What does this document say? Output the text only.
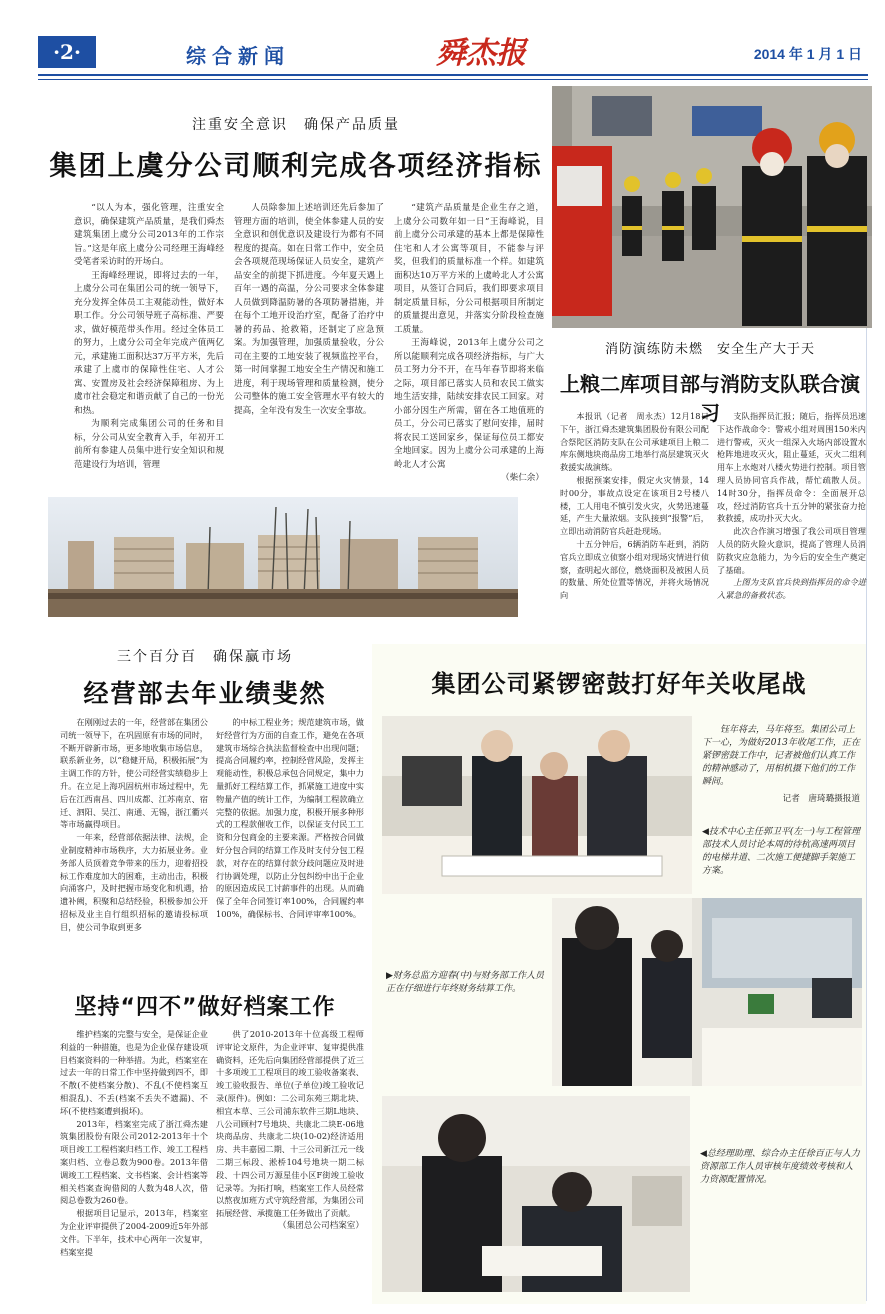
·2·	综合新闻	舜杰报	2014 年 1 月 1 日
注重安全意识　确保产品质量
集团上虞分公司顺利完成各项经济指标

“以人为本，强化管理，注重安全意识，确保建筑产品质量，是我们舜杰建筑集团上虞分公司2013年的工作宗旨。”这是年底上虞分公司经理王海峰经受笔者采访时的开场白。

王海峰经理说，即将过去的一年，上虞分公司在集团公司的统一领导下，充分发挥全体员工主观能动性，做好本职工作。分公司领导班子高标准、严要求，做好模范带头作用。经过全体员工的努力，上虞分公司全年完成产值两亿元，承建施工面积达37万平方米，先后承建了上虞市的保障性住宅、人才公寓、安置房及社会经济保障租房、为上虞市社会稳定和谐贡献了自己的一份光和热。

为顺利完成集团公司的任务和目标，分公司从安全教育入手，年初开工前所有参建人员集中进行安全知识和规范建设行为培训，管理

人员除参加上述培训还先后参加了管理方面的培训，使全体参建人员的安全意识和创优意识及建设行为都有不同程度的提高。如在日常工作中，安全员会各项规范现场保证人员安全，建筑产品安全的前提下抓进度。今年夏天遇上百年一遇的高温，分公司要求全体参建人员做到降温防暑的各项防暑措施，并在每个工地开设治疗室，配备了治疗中暑的药品、抢救箱，还制定了应急预案。为加强管理，加强质量验收，分公司在主要的工地安装了视频监控平台，第一时间掌握工地安全生产情况和施工进度，利于现场管理和质量检测，使分公司整体的施工安全管理水平有较大的提高，全年没有发生一次安全事故。

“建筑产品质量是企业生存之道，上虞分公司数年如一日”王海峰说，目前上虞分公司承建的基本上都是保障性住宅和人才公寓等项目，不能参与评奖，但我们的质量标准一个样。如建筑面积达10万平方米的上虞岭北人才公寓项目，从签订合同后，我们即要求项目制定质量目标，分公司根据项目所制定的质量提出意见，并落实分阶段检查施工质量。

王海峰说，2013年上虞分公司之所以能顺利完成各项经济指标，与广大员工努力分不开，在马年春节即将来临之际，项目部已落实人员和农民工做实地生活安排，陆续安排农民工回家。对小部分因生产所需，留在各工地值班的员工，分公司已落实了慰问安排，届时将农民工送回家乡，保证每位员工都安全地回家。因为上虞分公司承建的上海岭北人才公寓

（柴仁余）

消防演练防未燃　安全生产大于天
上粮二库项目部与消防支队联合演习

本报讯（记者　周永杰）12月18日下午，浙江舜杰建筑集团股份有限公司配合祭陀区消防支队在公司承建项目上粮二库东侧地块商品房工地举行高层建筑灭火救援实战演练。

根据预案安排，假定火灾情景，14时00分，事故点设定在该项目2号楼八楼，工人用电不慎引发火灾，火势迅速蔓延，产生大量浓烟。支队接到“报警”后，立即出动消防官兵赶赴现场。

十五分钟后，6辆消防车赶到，消防官兵立即成立侦察小组对现场灾情进行侦察，查明起火部位，燃烧面积及被困人员的数量、所处位置等情况，并将火场情况向

支队指挥员汇报；随后，指挥员迅速下达作战命令：警戒小组对周围150米内进行警戒，灭火一组深入火场内部设置水枪阵地进攻灭火，阻止蔓延，灭火二组利用车上水炮对八楼火势进行控制。项目管理人员协同官兵作战，帮忙疏散人员。14时30分，指挥员命令：全面展开总攻，经过消防官兵十五分钟的紧张奋力抢救救援，成功扑灭大火。

此次合作演习增强了我公司项目管理人员的防火险火意识，提高了管理人员消防救灾应急能力，为今后的安全生产奠定了基础。

上图为支队官兵快到指挥员的命令进入紧急的备救状态。

三个百分百　确保赢市场
经营部去年业绩斐然

在刚刚过去的一年，经营部在集团公司统一领导下，在巩固原有市场的同时，不断开辟新市场，更多地收集市场信息，联系新业务，以“稳健开局，积极拓展”为主调工作的方针，使公司经营实绩稳步上升。在立足上海巩固杭州市场过程中，先后在江西南昌、四川成都、江苏南京、宿迁、泗阳、吴江、南通、无锡，浙江衢兴等市场赢得项目。

一年来，经营部依据法律、法规，企业制度精神市场秩序，大力拓展业务。业务部人员顶着竞争带来的压力，迎着招投标工作难度加大的困难，主动出击，积极向涌客户，及时把握市场变化和机遇，拾遗补阙，积聚和总结经验，积极参加公开招标及业主自行组织招标的邀请投标项目，使公司争取到更多

的中标工程业务；规范建筑市场，做好经营行为方面的自查工作，避免在各项建筑市场综合执法监督检查中出现问题；提高合同履约率，控制经营风险，发挥主观能动性，积极总承包合同规定，集中力量抓好工程结算工作，抓紧施工进度中实物量产值的统计工作，为编制工程款确立完整的依据。加强力度，积极开展多种形式的工程款催收工作，以保证支付民工工资和分包商金的主要来源。严格按合同做好分包合同的结算工作及时支付分包工程款，对存在的结算付款分歧问题应及时进行协调处理，以防止分包纠纷中出于企业的原因造成民工讨薪事件的出现。从而确保了全年合同签订率100%，合同履约率100%，确保标书、合同评审率100%。

坚持“四不”做好档案工作

维护档案的完整与安全，是保证企业利益的一种措施，也是为企业保存建设项目档案资料的一种举措。为此，档案室在过去一年的日常工作中坚持做到四不，即不散(不使档案分散)、不乱(不使档案互相混乱)、不丢(档案不丢失不遗漏)、不坏(不使档案遭到损坏)。

2013年，档案室完成了浙江舜杰建筑集团股份有限公司2012-2013年十个项目竣工工程档案归档工作、竣工工程档案归档、立卷总数为900卷。2013年借调竣工工程档案、文书档案、会计档案等相关档案查询借阅的人数为48人次，借阅总卷数为260卷。

根据项目记显示，2013年，档案室为企业评审提供了2004-2009近5年外部文件。下半年，技术中心两年一次复审，档案室提

供了2010-2013年十位高级工程师评审论文原件，为企业评审、复审提供准确资料，还先后向集团经营部提供了近三十多项竣工工程项目的竣工验收备案表、竣工验收报告、单位(子单位)竣工验收记录(原件)。例如：二公司东苑三期北块、相宜本草、三公司浦东软件三期L地块、八公司顾村7号地块、共康北二块E-06地块商品房、共康北二块(10-02)经济适用房、共丰嘉园二期、十三公司新江元一线二期三标段、淞桥104号地块一期二标段、十四公司万源星佳小区F街竣工验收记录等。为拓打响，档案室工作人员经常以熬夜加班方式守筑经营部，为集团公司拓展经营、承揽施工任务做出了贡献。

（集团总公司档案室）

集团公司紧锣密鼓打好年关收尾战
钰年将去，马年将至。集团公司上下一心，为做好2013年收尾工作，正在紧锣密鼓工作中，记者被他们认真工作的精神感动了，用相机摄下他们的工作瞬间。
记者　唐琦璐摄报道
◀技术中心主任郭卫平(左一)与工程管理部技术人员讨论本周的待杭高速两项目的电梯井道、二次施工便捷脚手架施工方案。
▶财务总监方迎春(中)与财务部工作人员正在仔细进行年终财务结算工作。
◀总经理助理、综合办主任徐百正与人力资源部工作人员审核年度绩效考核和人力资源配置情况。
